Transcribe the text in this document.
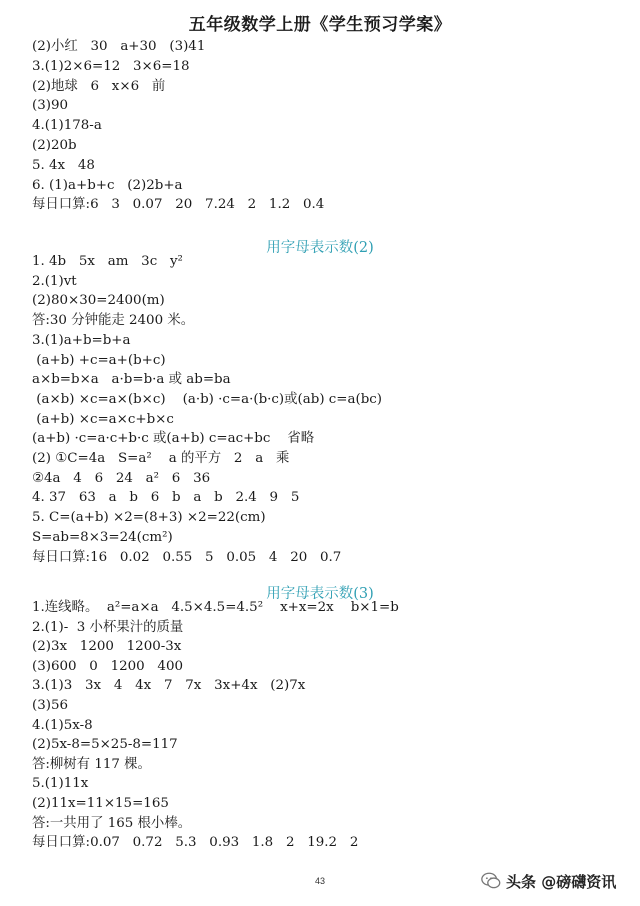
五年级数学上册《学生预习学案》
(2)小红   30   a+30   (3)41
3.(1)2×6=12   3×6=18
(2)地球   6   x×6   前
(3)90
4.(1)178-a
(2)20b
5. 4x   48
6. (1)a+b+c   (2)2b+a
每日口算:6   3   0.07   20   7.24   2   1.2   0.4
用字母表示数(2)
1. 4b   5x   am   3c   y²
2.(1)vt
(2)80×30=2400(m)
答:30 分钟能走 2400 米。
3.(1)a+b=b+a
(a+b) +c=a+(b+c)
a×b=b×a   a·b=b·a 或 ab=ba
(a×b) ×c=a×(b×c)    (a·b) ·c=a·(b·c)或(ab) c=a(bc)
(a+b) ×c=a×c+b×c
(a+b) ·c=a·c+b·c 或(a+b) c=ac+bc    省略
(2) ①C=4a   S=a²    a 的平方   2   a   乘
②4a   4   6   24   a²   6   36
4. 37   63   a   b   6   b   a   b   2.4   9   5
5. C=(a+b) ×2=(8+3) ×2=22(cm)
S=ab=8×3=24(cm²)
每日口算:16   0.02   0.55   5   0.05   4   20   0.7
用字母表示数(3)
1.连线略。  a²=a×a   4.5×4.5=4.5²    x+x=2x    b×1=b
2.(1)-  3 小杯果汁的质量
(2)3x   1200   1200-3x
(3)600   0   1200   400
3.(1)3   3x   4   4x   7   7x   3x+4x   (2)7x
(3)56
4.(1)5x-8
(2)5x-8=5×25-8=117
答:柳树有 117 棵。
5.(1)11x
(2)11x=11×15=165
答:一共用了 165 根小棒。
每日口算:0.07   0.72   5.3   0.93   1.8   2   19.2   2
43	头条 @磅礴资讯
